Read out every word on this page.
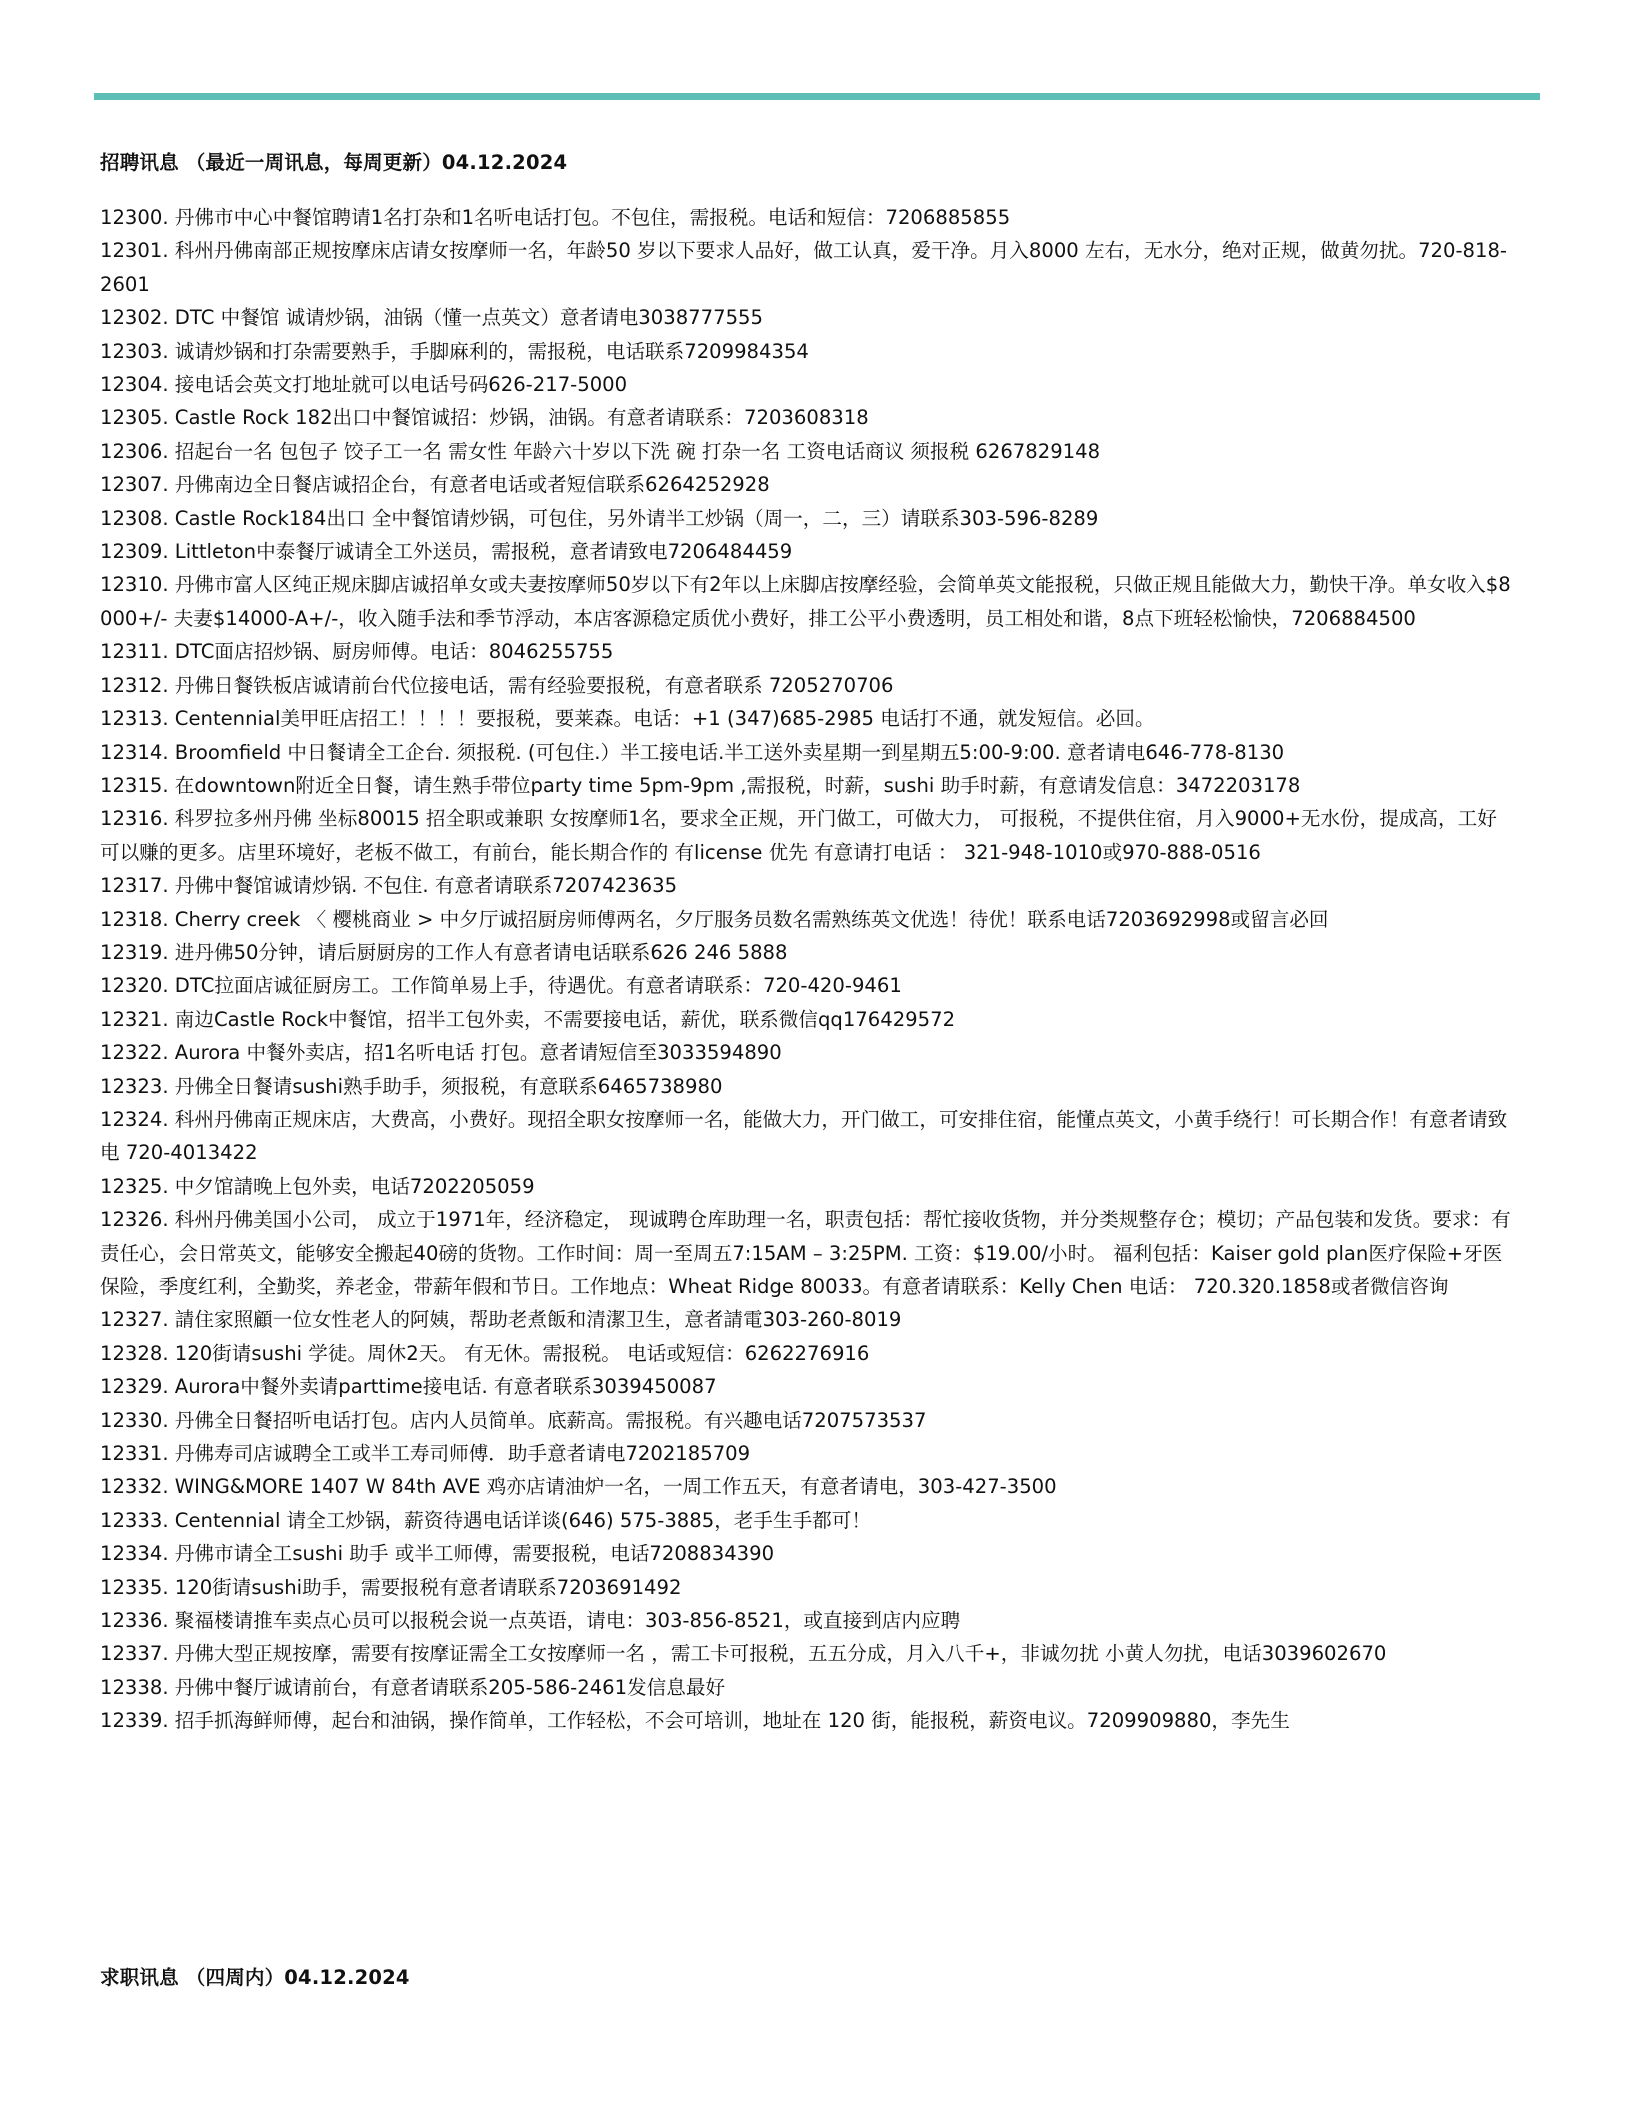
招聘讯息 （最近一周讯息，每周更新）04.12.2024
12300. 丹佛市中心中餐馆聘请1名打杂和1名听电话打包。不包住，需报税。电话和短信：7206885855
12301. 科州丹佛南部正规按摩床店请女按摩师一名，年龄50 岁以下要求人品好，做工认真，爱干净。月入8000 左右，无水分，绝对正规，做黄勿扰。720-818-2601
12302. DTC 中餐馆 诚请炒锅，油锅（懂一点英文）意者请电3038777555
12303. 诚请炒锅和打杂需要熟手，手脚麻利的，需报税，电话联系7209984354
12304. 接电话会英文打地址就可以电话号码626-217-5000
12305. Castle Rock 182出口中餐馆诚招：炒锅，油锅。有意者请联系：7203608318
12306. 招起台一名 包包子 饺子工一名 需女性 年龄六十岁以下洗 碗 打杂一名 工资电话商议 须报税 6267829148
12307. 丹佛南边全日餐店诚招企台，有意者电话或者短信联系6264252928
12308. Castle Rock184出口 全中餐馆请炒锅，可包住，另外请半工炒锅（周一，二，三）请联系303-596-8289
12309. Littleton中泰餐厅诚请全工外送员，需报税，意者请致电7206484459
12310. 丹佛市富人区纯正规床脚店诚招单女或夫妻按摩师50岁以下有2年以上床脚店按摩经验，会简单英文能报税，只做正规且能做大力，勤快干净。单女收入$8000+/- 夫妻$14000-A+/-，收入随手法和季节浮动，本店客源稳定质优小费好，排工公平小费透明，员工相处和谐，8点下班轻松愉快，7206884500
12311. DTC面店招炒锅、厨房师傅。电话：8046255755
12312. 丹佛日餐铁板店诚请前台代位接电话，需有经验要报税，有意者联系 7205270706
12313. Centennial美甲旺店招工！！！！要报税，要莱森。电话：+1 (347)685-2985 电话打不通，就发短信。必回。
12314. Broomfield 中日餐请全工企台. 须报税. (可包住.）半工接电话.半工送外卖星期一到星期五5:00-9:00. 意者请电646-778-8130
12315. 在downtown附近全日餐，请生熟手带位party time 5pm-9pm ,需报税，时薪，sushi 助手时薪，有意请发信息：3472203178
12316. 科罗拉多州丹佛 坐标80015 招全职或兼职 女按摩师1名，要求全正规，开门做工，可做大力， 可报税，不提供住宿，月入9000+无水份，提成高，工好可以赚的更多。店里环境好，老板不做工，有前台，能长期合作的 有license 优先 有意请打电话 ： 321-948-1010或970-888-0516
12317. 丹佛中餐馆诚请炒锅. 不包住. 有意者请联系7207423635
12318. Cherry creek 〈 樱桃商业 > 中夕厅诚招厨房师傅两名，夕厅服务员数名需熟练英文优选！待优！联系电话7203692998或留言必回
12319. 进丹佛50分钟，请后厨厨房的工作人有意者请电话联系626 246 5888
12320. DTC拉面店诚征厨房工。工作简单易上手，待遇优。有意者请联系：720-420-9461
12321. 南边Castle Rock中餐馆，招半工包外卖，不需要接电话，薪优，联系微信qq176429572
12322. Aurora 中餐外卖店，招1名听电话 打包。意者请短信至3033594890
12323. 丹佛全日餐请sushi熟手助手，须报税，有意联系6465738980
12324. 科州丹佛南正规床店，大费高，小费好。现招全职女按摩师一名，能做大力，开门做工，可安排住宿，能懂点英文，小黄手绕行！可长期合作！有意者请致电 720-4013422
12325. 中夕馆請晚上包外卖，电话7202205059
12326. 科州丹佛美国小公司， 成立于1971年，经济稳定， 现诚聘仓库助理一名，职责包括：帮忙接收货物，并分类规整存仓；模切；产品包装和发货。要求：有责任心，会日常英文，能够安全搬起40磅的货物。工作时间：周一至周五7:15AM – 3:25PM. 工资：$19.00/小时。 福利包括：Kaiser gold plan医疗保险+牙医保险，季度红利，全勤奖，养老金，带薪年假和节日。工作地点：Wheat Ridge 80033。有意者请联系：Kelly Chen 电话： 720.320.1858或者微信咨询
12327. 請住家照顧一位女性老人的阿姨，帮助老煮飯和清潔卫生，意者請電303-260-8019
12328. 120街请sushi 学徒。周休2天。 有无休。需报税。 电话或短信：6262276916
12329. Aurora中餐外卖请parttime接电话. 有意者联系3039450087
12330. 丹佛全日餐招听电话打包。店内人员简单。底薪高。需报税。有兴趣电话7207573537
12331. 丹佛寿司店诚聘全工或半工寿司师傅．助手意者请电7202185709
12332. WING&MORE 1407 W 84th AVE 鸡亦店请油炉一名，一周工作五天，有意者请电，303-427-3500
12333. Centennial 请全工炒锅，薪资待遇电话详谈(646) 575-3885，老手生手都可！
12334. 丹佛市请全工sushi 助手 或半工师傅，需要报税，电话7208834390
12335. 120街请sushi助手，需要报税有意者请联系7203691492
12336. 聚福楼请推车卖点心员可以报税会说一点英语，请电：303-856-8521，或直接到店内应聘
12337. 丹佛大型正规按摩，需要有按摩证需全工女按摩师一名 ，需工卡可报税，五五分成，月入八千+，非诚勿扰 小黄人勿扰，电话3039602670
12338. 丹佛中餐厅诚请前台，有意者请联系205-586-2461发信息最好
12339. 招手抓海鲜师傅，起台和油锅，操作简单，工作轻松，不会可培训，地址在 120 街，能报税，薪资电议。7209909880，李先生
求职讯息 （四周内）04.12.2024
